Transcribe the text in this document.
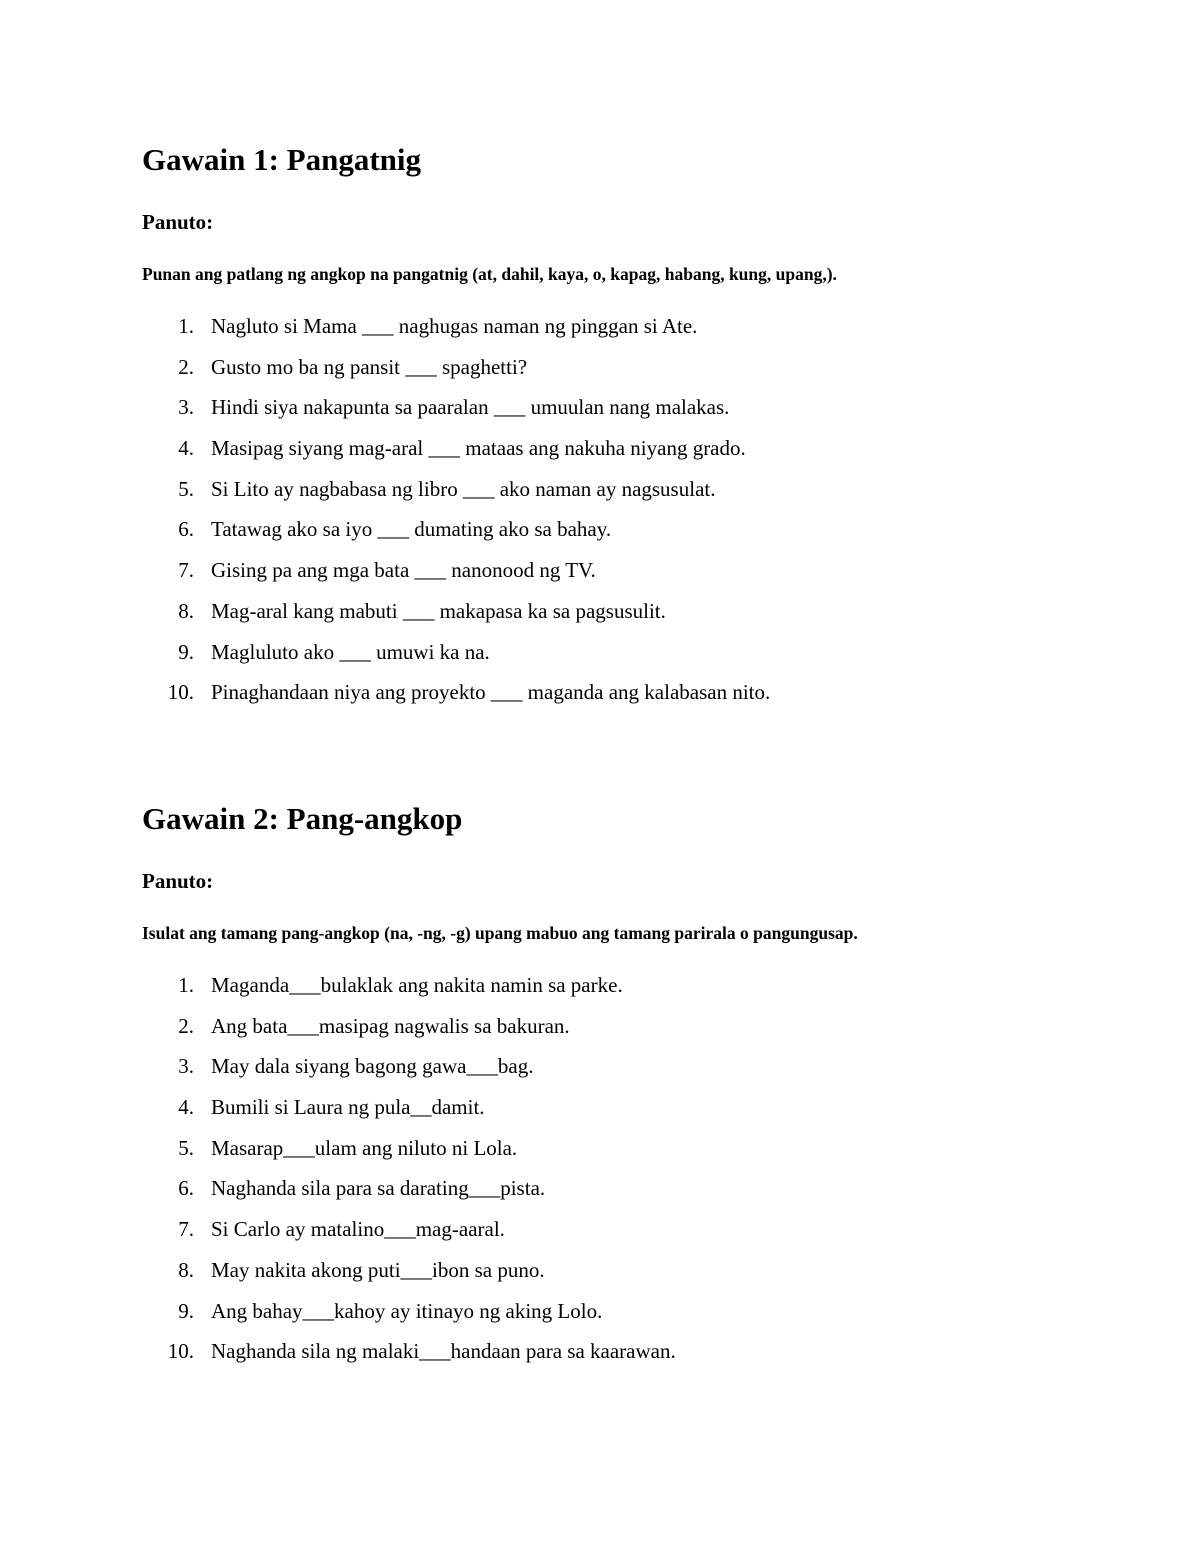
Gawain 1: Pangatnig

Panuto:

Punan ang patlang ng angkop na pangatnig (at, dahil, kaya, o, kapag, habang, kung, upang,).

1. Nagluto si Mama ___ naghugas naman ng pinggan si Ate.
2. Gusto mo ba ng pansit ___ spaghetti?
3. Hindi siya nakapunta sa paaralan ___ umuulan nang malakas.
4. Masipag siyang mag-aral ___ mataas ang nakuha niyang grado.
5. Si Lito ay nagbabasa ng libro ___ ako naman ay nagsusulat.
6. Tatawag ako sa iyo ___ dumating ako sa bahay.
7. Gising pa ang mga bata ___ nanonood ng TV.
8. Mag-aral kang mabuti ___ makapasa ka sa pagsusulit.
9. Magluluto ako ___ umuwi ka na.
10. Pinaghandaan niya ang proyekto ___ maganda ang kalabasan nito.
Gawain 2: Pang-angkop

Panuto:

Isulat ang tamang pang-angkop (na, -ng, -g) upang mabuo ang tamang parirala o pangungusap.

1. Maganda___bulaklak ang nakita namin sa parke.
2. Ang bata___masipag nagwalis sa bakuran.
3. May dala siyang bagong gawa___bag.
4. Bumili si Laura ng pula__damit.
5. Masarap___ulam ang niluto ni Lola.
6. Naghanda sila para sa darating___pista.
7. Si Carlo ay matalino___mag-aaral.
8. May nakita akong puti___ibon sa puno.
9. Ang bahay___kahoy ay itinayo ng aking Lolo.
10. Naghanda sila ng malaki___handaan para sa kaarawan.
